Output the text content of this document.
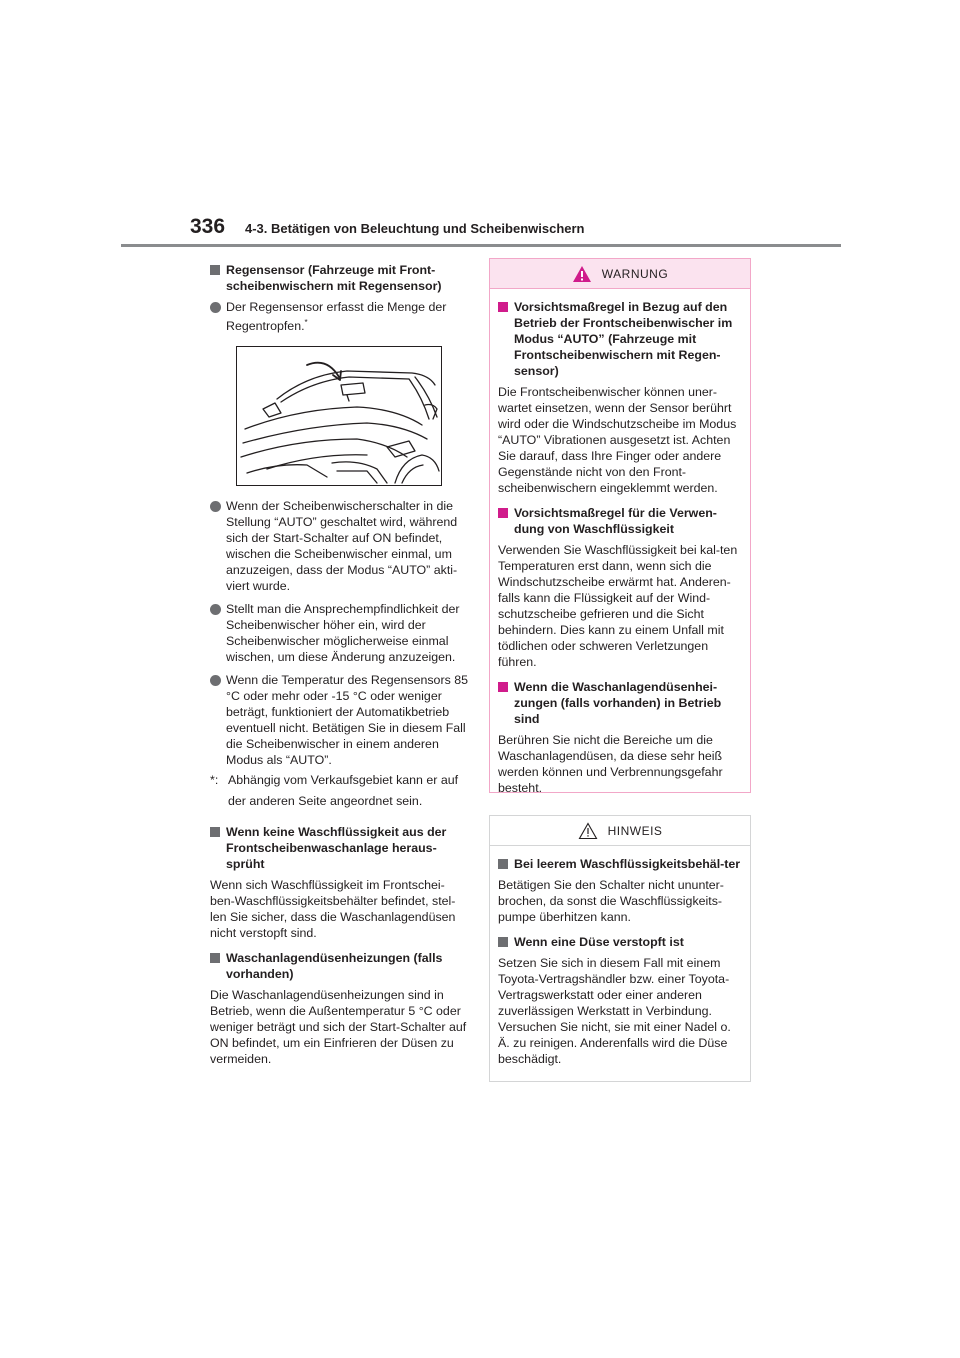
336 4-3. Betätigen von Beleuchtung und Scheibenwischern
Regensensor (Fahrzeuge mit Front-scheibenwischern mit Regensensor)
Der Regensensor erfasst die Menge der Regentropfen.*
Wenn der Scheibenwischerschalter in die Stellung “AUTO” geschaltet wird, während sich der Start-Schalter auf ON befindet, wischen die Scheibenwischer einmal, um anzuzeigen, dass der Modus “AUTO” akti-viert wurde.
Stellt man die Ansprechempfindlichkeit der Scheibenwischer höher ein, wird der Scheibenwischer möglicherweise einmal wischen, um diese Änderung anzuzeigen.
Wenn die Temperatur des Regensensors 85 °C oder mehr oder -15 °C oder weniger beträgt, funktioniert der Automatikbetrieb eventuell nicht. Betätigen Sie in diesem Fall die Scheibenwischer in einem anderen Modus als “AUTO”.
*: Abhängig vom Verkaufsgebiet kann er auf der anderen Seite angeordnet sein.
Wenn keine Waschflüssigkeit aus der Frontscheibenwaschanlage heraus-sprüht
Wenn sich Waschflüssigkeit im Frontschei-ben-Waschflüssigkeitsbehälter befindet, stel-len Sie sicher, dass die Waschanlagendüsen nicht verstopft sind.
Waschanlagendüsenheizungen (falls vorhanden)
Die Waschanlagendüsenheizungen sind in Betrieb, wenn die Außentemperatur 5 °C oder weniger beträgt und sich der Start-Schalter auf ON befindet, um ein Einfrieren der Düsen zu vermeiden.
WARNUNG
Vorsichtsmaßregel in Bezug auf den Betrieb der Frontscheibenwischer im Modus “AUTO” (Fahrzeuge mit Frontscheibenwischern mit Regen-sensor)
Die Frontscheibenwischer können uner-wartet einsetzen, wenn der Sensor berührt wird oder die Windschutzscheibe im Modus “AUTO” Vibrationen ausgesetzt ist. Achten Sie darauf, dass Ihre Finger oder andere Gegenstände nicht von den Front-scheibenwischern eingeklemmt werden.
Vorsichtsmaßregel für die Verwen-dung von Waschflüssigkeit
Verwenden Sie Waschflüssigkeit bei kal-ten Temperaturen erst dann, wenn sich die Windschutzscheibe erwärmt hat. Anderen-falls kann die Flüssigkeit auf der Wind-schutzscheibe gefrieren und die Sicht behindern. Dies kann zu einem Unfall mit tödlichen oder schweren Verletzungen führen.
Wenn die Waschanlagendüsenhei-zungen (falls vorhanden) in Betrieb sind
Berühren Sie nicht die Bereiche um die Waschanlagendüsen, da diese sehr heiß werden können und Verbrennungsgefahr besteht.
HINWEIS
Bei leerem Waschflüssigkeitsbehäl-ter
Betätigen Sie den Schalter nicht ununter-brochen, da sonst die Waschflüssigkeits-pumpe überhitzen kann.
Wenn eine Düse verstopft ist
Setzen Sie sich in diesem Fall mit einem Toyota-Vertragshändler bzw. einer Toyota-Vertragswerkstatt oder einer anderen zuverlässigen Werkstatt in Verbindung. Versuchen Sie nicht, sie mit einer Nadel o. Ä. zu reinigen. Anderenfalls wird die Düse beschädigt.
